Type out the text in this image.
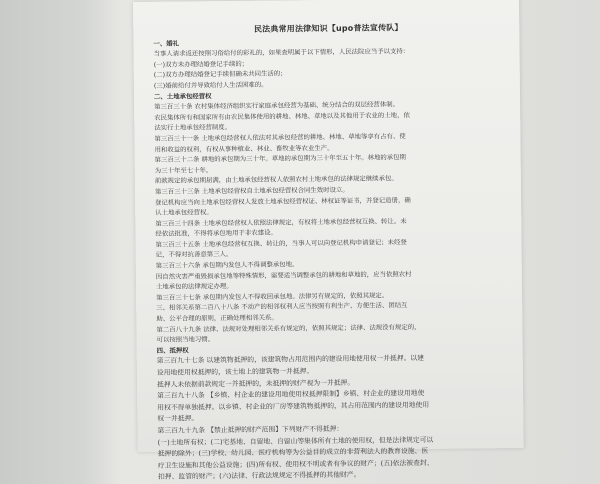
民法典常用法律知识【upo普法宣传队】
一、婚礼
当事人请求返还按照习俗给付的彩礼的，如果查明属于以下情形，人民法院应当予以支持：
(一)双方未办理结婚登记手续的；
(二)双方办理结婚登记手续但确未共同生活的；
(三)婚前给付并导致给付人生活困难的。
二、土地承包经营权
第三百三十条 农村集体经济组织实行家庭承包经营为基础、统分结合的双层经营体制。
农民集体所有和国家所有由农民集体使用的耕地、林地、草地以及其他用于农业的土地，依
法实行土地承包经营制度。
第三百三十一条 土地承包经营权人依法对其承包经营的耕地、林地、草地等享有占有、使
用和收益的权利，有权从事种植业、林业、畜牧业等农业生产。
第三百三十二条 耕地的承包期为三十年。草地的承包期为三十年至五十年。林地的承包期
为三十年至七十年。
前款规定的承包期届满，由土地承包经营权人依照农村土地承包的法律规定继续承包。
第三百三十三条 土地承包经营权自土地承包经营权合同生效时设立。
登记机构应当向土地承包经营权人发放土地承包经营权证、林权证等证书，并登记造册，确
认土地承包经营权。
第三百三十四条 土地承包经营权人依照法律规定，有权将土地承包经营权互换、转让。未
经依法批准，不得将承包地用于非农建设。
第三百三十五条 土地承包经营权互换、转让的，当事人可以向登记机构申请登记；未经登
记，不得对抗善意第三人。
第三百三十六条 承包期内发包人不得调整承包地。
因自然灾害严重毁损承包地等特殊情形，需要适当调整承包的耕地和草地的，应当依照农村
土地承包的法律规定办理。
第三百三十七条 承包期内发包人不得收回承包地。法律另有规定的，依照其规定。
三、相邻关系第二百八十八条 不动产的相邻权利人应当按照有利生产、方便生活、团结互
助、公平合理的原则，正确处理相邻关系。
第二百八十九条 法律、法规对处理相邻关系有规定的，依照其规定；法律、法规没有规定的，
可以按照当地习惯。
四、抵押权
第三百九十七条 以建筑物抵押的，该建筑物占用范围内的建设用地使用权一并抵押。以建
设用地使用权抵押的，该土地上的建筑物一并抵押。
抵押人未依据前款规定一并抵押的，未抵押的财产视为一并抵押。
第三百九十八条 【乡镇、村企业的建设用地使用权抵押限制】乡镇、村企业的建设用地使
用权不得单独抵押。以乡镇、村企业的厂房等建筑物抵押的，其占用范围内的建设用地使用
权一并抵押。
第三百九十九条 【禁止抵押的财产范围】下列财产不得抵押：
(一)土地所有权；(二)宅基地、自留地、自留山等集体所有土地的使用权，但是法律规定可以
抵押的除外；(三)学校、幼儿园、医疗机构等为公益目的成立的非营利法人的教育设施、医
疗卫生设施和其他公益设施；(四)所有权、使用权不明或者有争议的财产；(五)依法被查封、
扣押、监管的财产；(六)法律、行政法规规定不得抵押的其他财产。
